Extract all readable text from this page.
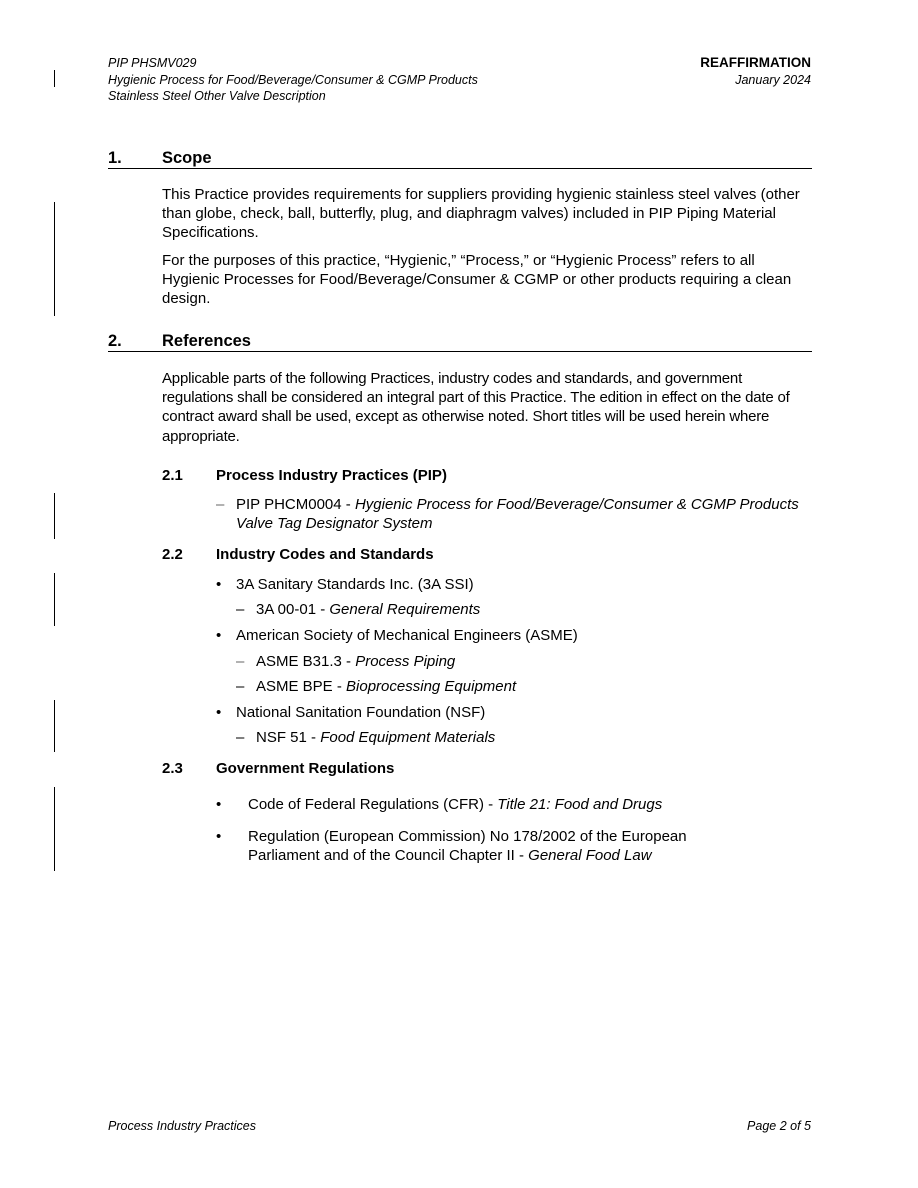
PIP PHSMV029
Hygienic Process for Food/Beverage/Consumer & CGMP Products
Stainless Steel Other Valve Description
REAFFIRMATION
January 2024
1. Scope
This Practice provides requirements for suppliers providing hygienic stainless steel valves (other than globe, check, ball, butterfly, plug, and diaphragm valves) included in PIP Piping Material Specifications.
For the purposes of this practice, “Hygienic,” “Process,” or “Hygienic Process” refers to all Hygienic Processes for Food/Beverage/Consumer & CGMP or other products requiring a clean design.
2. References
Applicable parts of the following Practices, industry codes and standards, and government regulations shall be considered an integral part of this Practice. The edition in effect on the date of contract award shall be used, except as otherwise noted. Short titles will be used herein where appropriate.
2.1 Process Industry Practices (PIP)
– PIP PHCM0004 - Hygienic Process for Food/Beverage/Consumer & CGMP Products Valve Tag Designator System
2.2 Industry Codes and Standards
• 3A Sanitary Standards Inc. (3A SSI)
– 3A 00-01 - General Requirements
• American Society of Mechanical Engineers (ASME)
– ASME B31.3 - Process Piping
– ASME BPE - Bioprocessing Equipment
• National Sanitation Foundation (NSF)
– NSF 51 - Food Equipment Materials
2.3 Government Regulations
• Code of Federal Regulations (CFR) - Title 21: Food and Drugs
• Regulation (European Commission) No 178/2002 of the European Parliament and of the Council Chapter II - General Food Law
Process Industry Practices	Page 2 of 5
